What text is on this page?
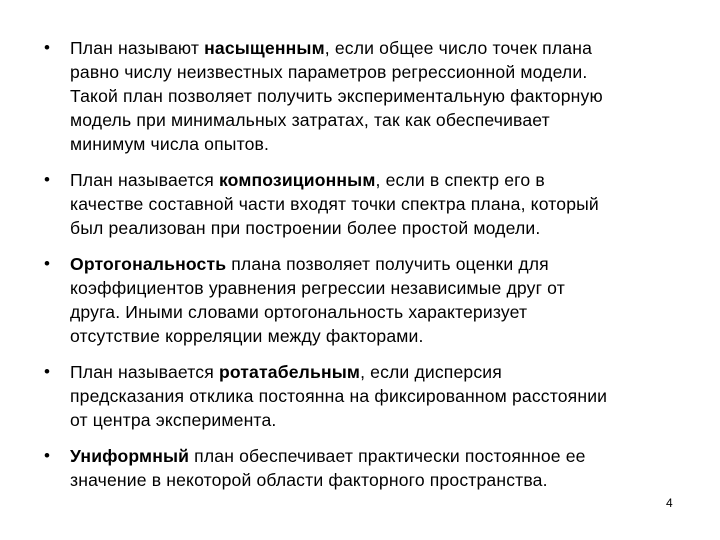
• План называют насыщенным, если общее число точек плана
равно числу неизвестных параметров регрессионной модели.
Такой план позволяет получить экспериментальную факторную
модель при минимальных затратах, так как обеспечивает
минимум числа опытов.
• План называется композиционным, если в спектр его в
качестве составной части входят точки спектра плана, который
был реализован при построении более простой модели.
• Ортогональность плана позволяет получить оценки для
коэффициентов уравнения регрессии независимые друг от
друга. Иными словами ортогональность характеризует
отсутствие корреляции между факторами.
• План называется ротатабельным, если дисперсия
предсказания отклика постоянна на фиксированном расстоянии
от центра эксперимента.
• Униформный план обеспечивает практически постоянное ее
значение в некоторой области факторного пространства.
4
